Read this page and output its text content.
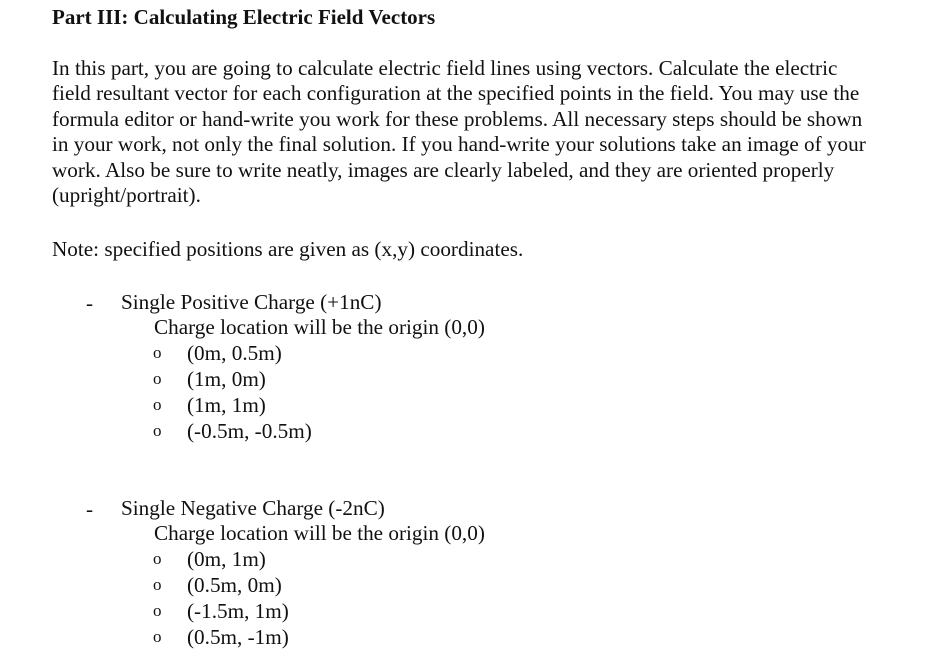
Part III: Calculating Electric Field Vectors
In this part, you are going to calculate electric field lines using vectors. Calculate the electric
field resultant vector for each configuration at the specified points in the field. You may use the
formula editor or hand-write you work for these problems. All necessary steps should be shown
in your work, not only the final solution. If you hand-write your solutions take an image of your
work. Also be sure to write neatly, images are clearly labeled, and they are oriented properly
(upright/portrait).
Note: specified positions are given as (x,y) coordinates.
- Single Positive Charge (+1nC)
Charge location will be the origin (0,0)
o (0m, 0.5m)
o (1m, 0m)
o (1m, 1m)
o (-0.5m, -0.5m)
- Single Negative Charge (-2nC)
Charge location will be the origin (0,0)
o (0m, 1m)
o (0.5m, 0m)
o (-1.5m, 1m)
o (0.5m, -1m)
